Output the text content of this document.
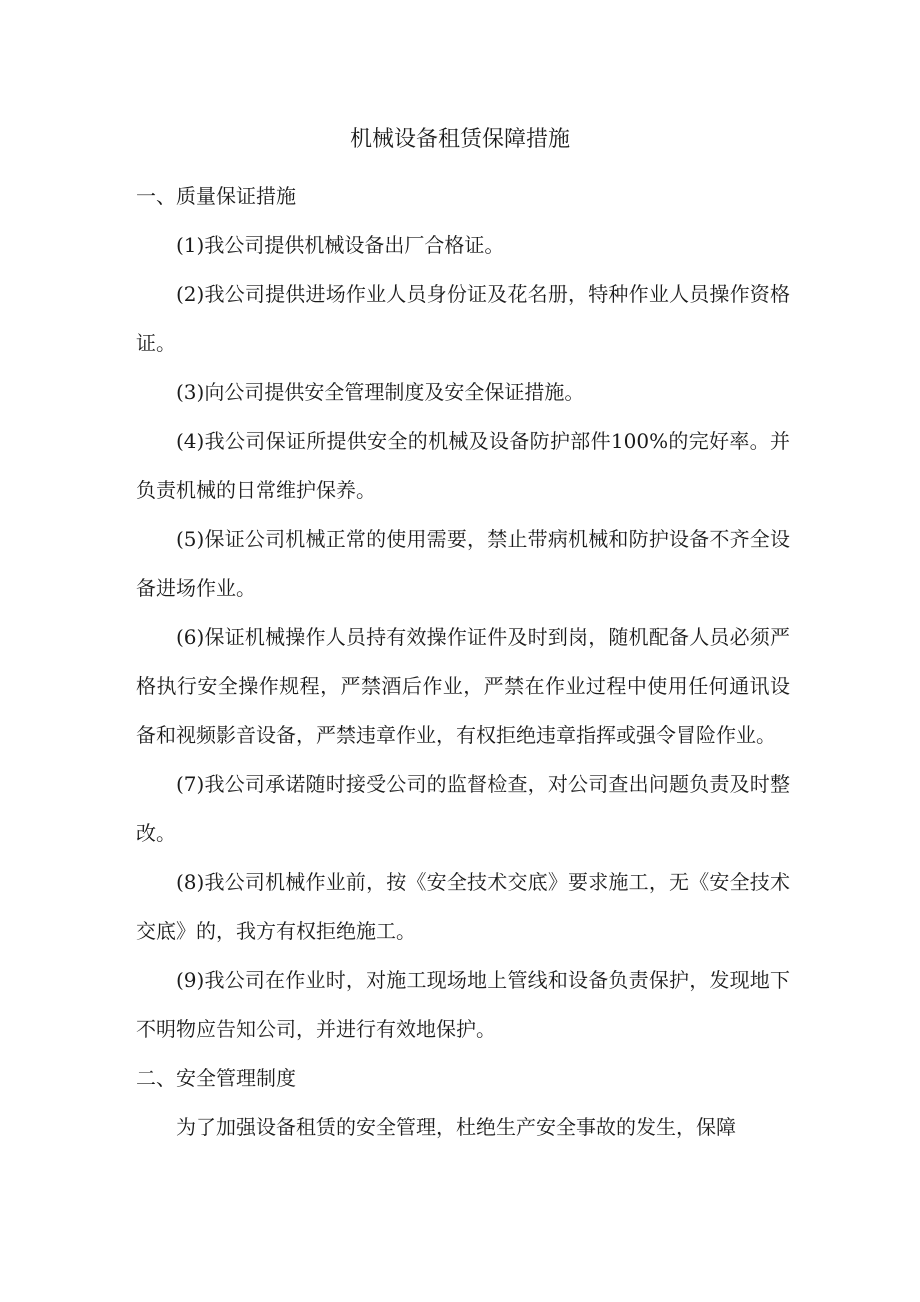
机械设备租赁保障措施
一、质量保证措施

(1)我公司提供机械设备出厂合格证。

(2)我公司提供进场作业人员身份证及花名册，特种作业人员操作资格证。

(3)向公司提供安全管理制度及安全保证措施。

(4)我公司保证所提供安全的机械及设备防护部件100%的完好率。并负责机械的日常维护保养。

(5)保证公司机械正常的使用需要，禁止带病机械和防护设备不齐全设备进场作业。

(6)保证机械操作人员持有效操作证件及时到岗，随机配备人员必须严格执行安全操作规程，严禁酒后作业，严禁在作业过程中使用任何通讯设备和视频影音设备，严禁违章作业，有权拒绝违章指挥或强令冒险作业。

(7)我公司承诺随时接受公司的监督检查，对公司查出问题负责及时整改。

(8)我公司机械作业前，按《安全技术交底》要求施工，无《安全技术交底》的，我方有权拒绝施工。

(9)我公司在作业时，对施工现场地上管线和设备负责保护，发现地下不明物应告知公司，并进行有效地保护。

二、安全管理制度

为了加强设备租赁的安全管理，杜绝生产安全事故的发生，保障
